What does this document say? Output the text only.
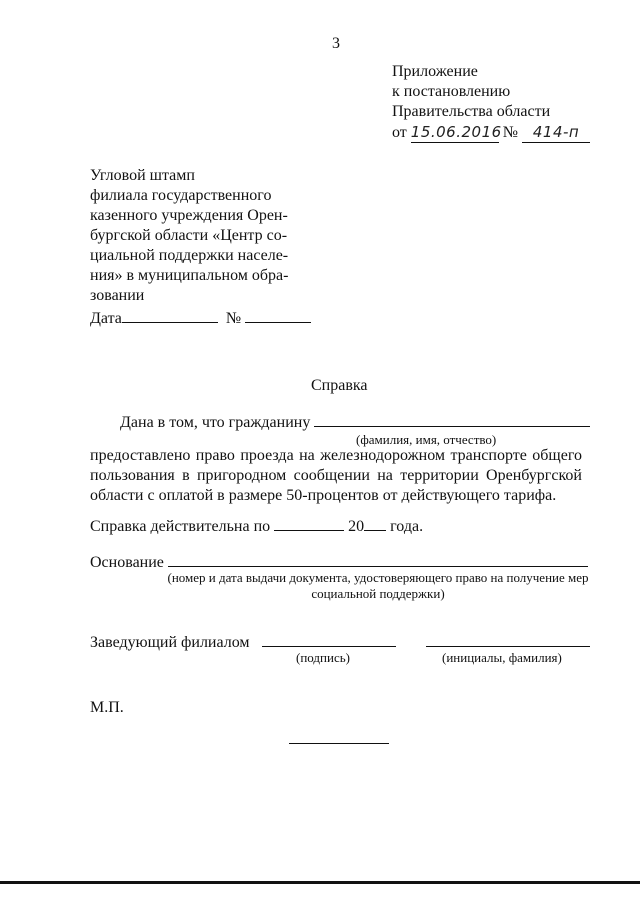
3
Приложение
к постановлению
Правительства области
от 15.06.2016 № 414-п
Угловой штамп
филиала государственного
казенного учреждения Орен-
бургской области «Центр со-
циальной поддержки населе-
ния» в муниципальном обра-
зовании
Дата	№
Справка
Дана в том, что гражданину
(фамилия, имя, отчество)
предоставлено право проезда на железнодорожном транспорте общего пользования в пригородном сообщении на территории Оренбургской области с оплатой в размере 50-процентов от действующего тарифа.
Справка действительна по	20 года.
Основание
(номер и дата выдачи документа, удостоверяющего право на получение мер
социальной поддержки)
Заведующий филиалом
(подпись)	(инициалы, фамилия)
М.П.
